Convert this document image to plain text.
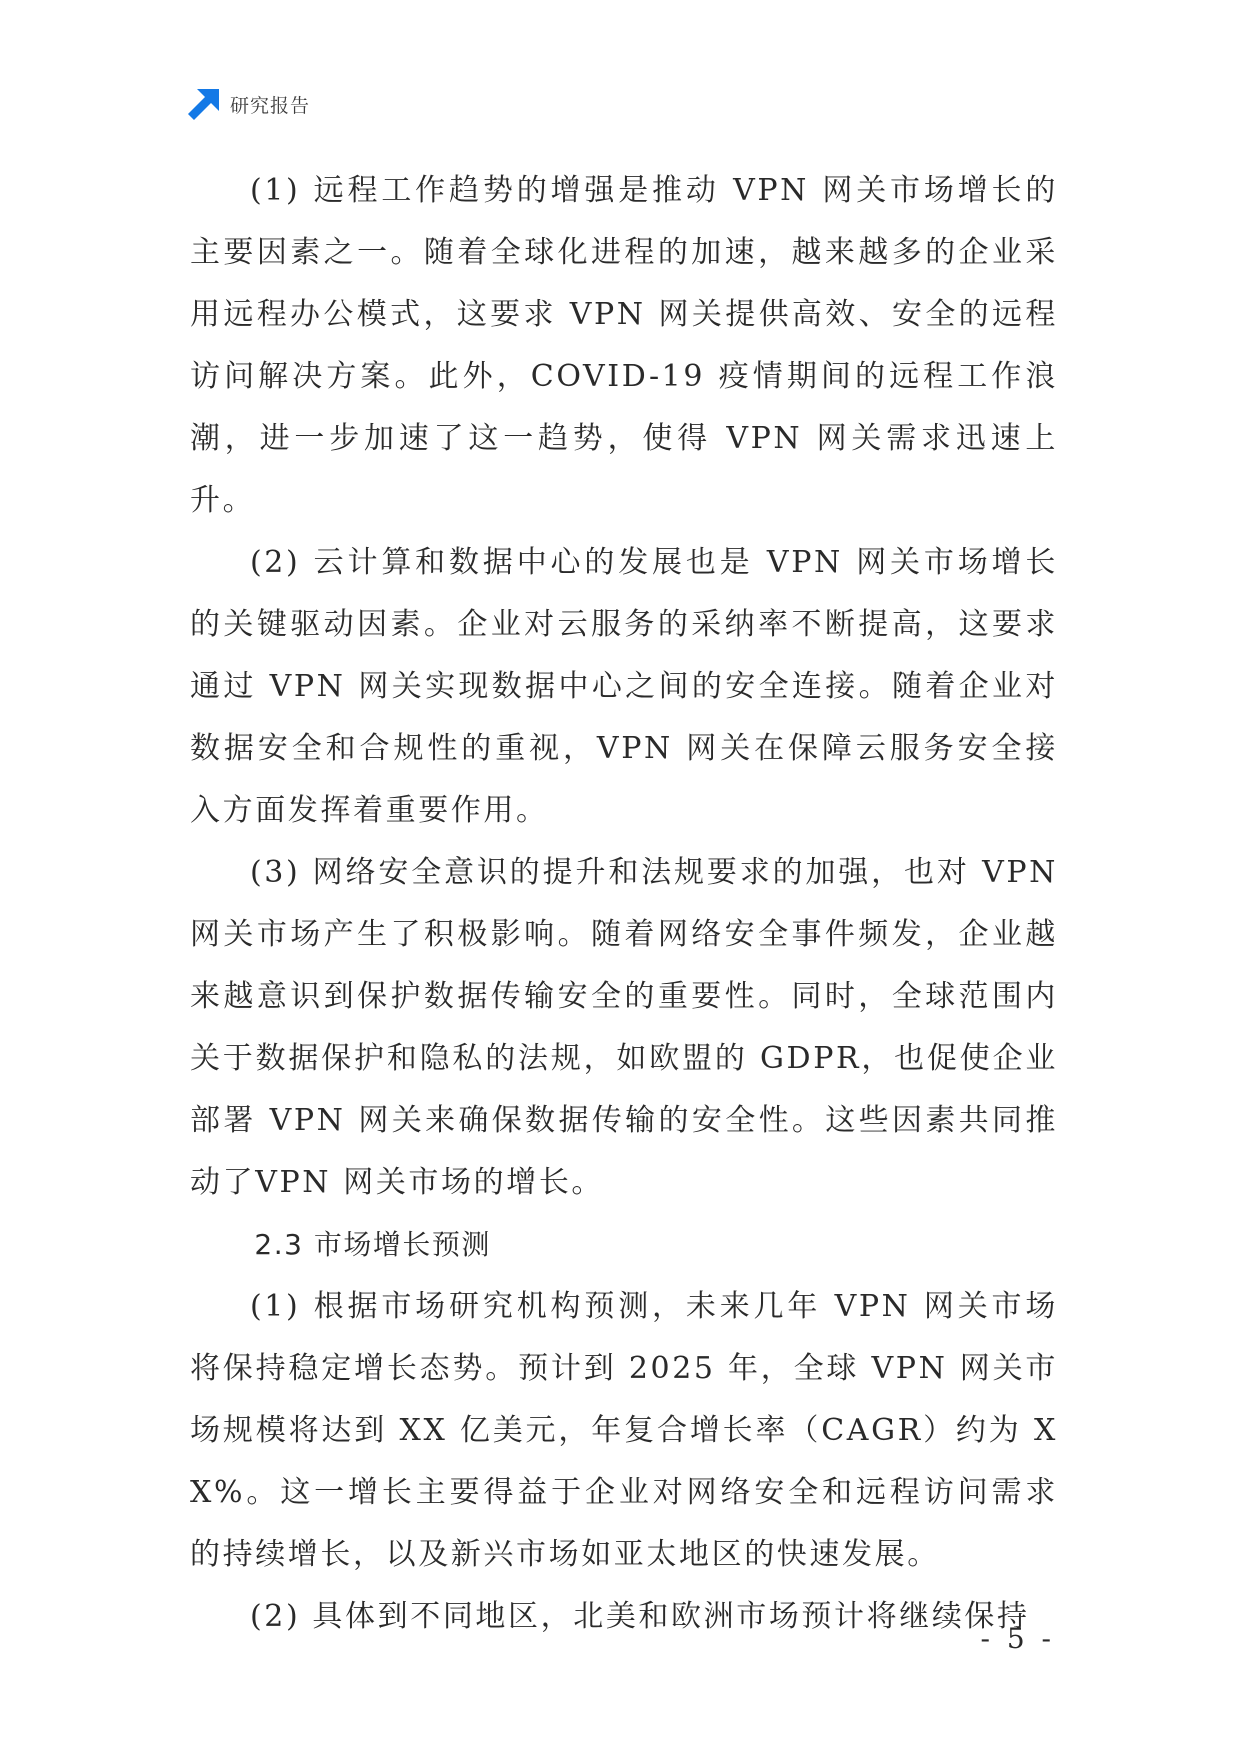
研究报告

(1) 远程工作趋势的增强是推动 VPN 网关市场增长的主要因素之一。随着全球化进程的加速，越来越多的企业采用远程办公模式，这要求 VPN 网关提供高效、安全的远程访问解决方案。此外，COVID-19 疫情期间的远程工作浪潮，进一步加速了这一趋势，使得 VPN 网关需求迅速上升。

(2) 云计算和数据中心的发展也是 VPN 网关市场增长的关键驱动因素。企业对云服务的采纳率不断提高，这要求通过 VPN 网关实现数据中心之间的安全连接。随着企业对数据安全和合规性的重视，VPN 网关在保障云服务安全接入方面发挥着重要作用。

(3) 网络安全意识的提升和法规要求的加强，也对 VPN 网关市场产生了积极影响。随着网络安全事件频发，企业越来越意识到保护数据传输安全的重要性。同时，全球范围内关于数据保护和隐私的法规，如欧盟的 GDPR，也促使企业部署 VPN 网关来确保数据传输的安全性。这些因素共同推动了VPN 网关市场的增长。

2.3 市场增长预测

(1) 根据市场研究机构预测，未来几年 VPN 网关市场将保持稳定增长态势。预计到 2025 年，全球 VPN 网关市场规模将达到 XX 亿美元，年复合增长率（CAGR）约为 XX%。这一增长主要得益于企业对网络安全和远程访问需求的持续增长，以及新兴市场如亚太地区的快速发展。

(2) 具体到不同地区，北美和欧洲市场预计将继续保持

- 5 -
